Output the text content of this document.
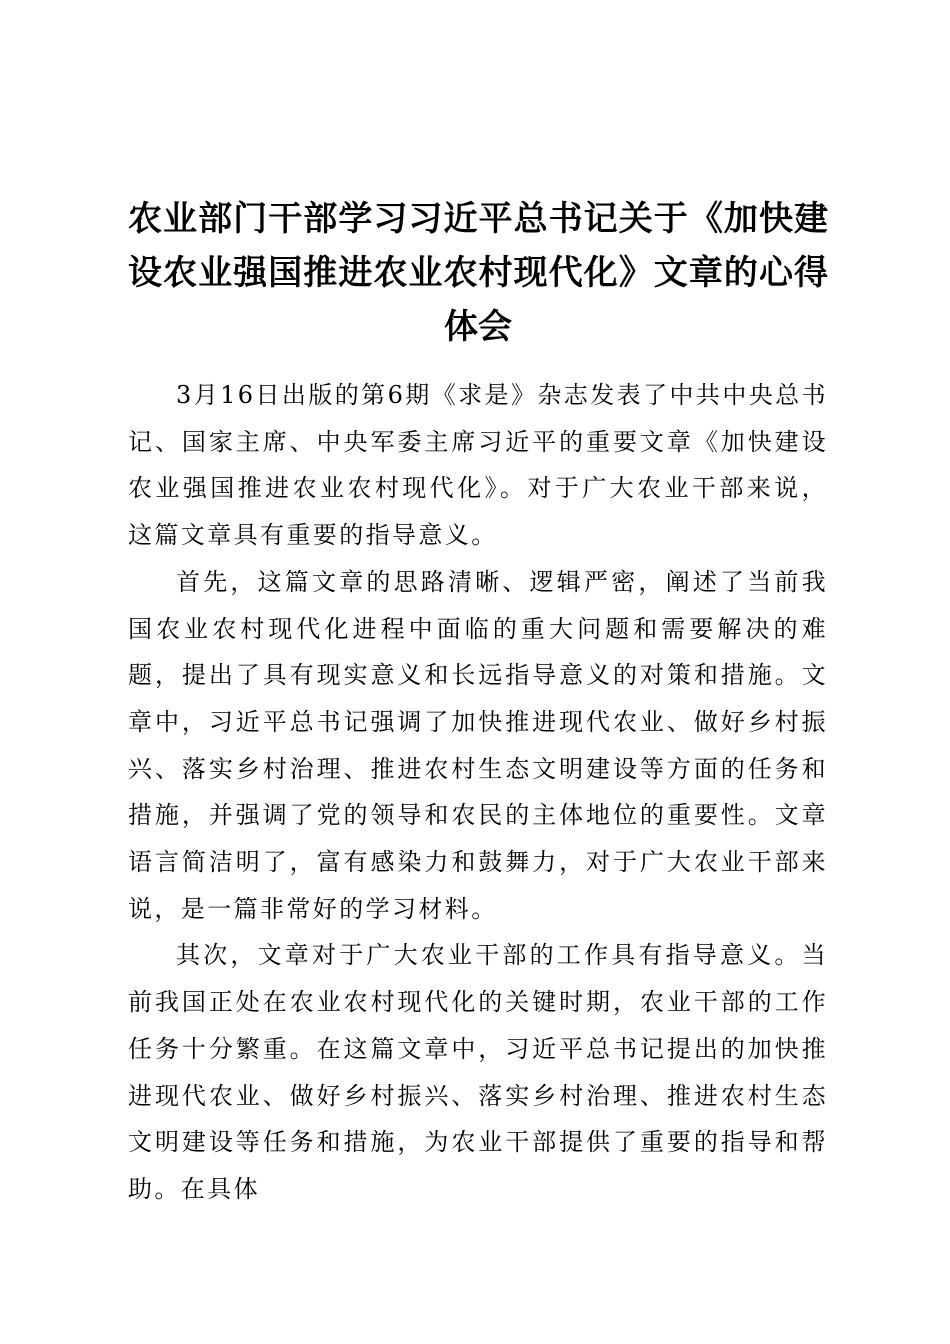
农业部门干部学习习近平总书记关于《加快建设农业强国推进农业农村现代化》文章的心得体会

3月16日出版的第6期《求是》杂志发表了中共中央总书记、国家主席、中央军委主席习近平的重要文章《加快建设农业强国推进农业农村现代化》。对于广大农业干部来说，这篇文章具有重要的指导意义。

首先，这篇文章的思路清晰、逻辑严密，阐述了当前我国农业农村现代化进程中面临的重大问题和需要解决的难题，提出了具有现实意义和长远指导意义的对策和措施。文章中，习近平总书记强调了加快推进现代农业、做好乡村振兴、落实乡村治理、推进农村生态文明建设等方面的任务和措施，并强调了党的领导和农民的主体地位的重要性。文章语言简洁明了，富有感染力和鼓舞力，对于广大农业干部来说，是一篇非常好的学习材料。

其次，文章对于广大农业干部的工作具有指导意义。当前我国正处在农业农村现代化的关键时期，农业干部的工作任务十分繁重。在这篇文章中，习近平总书记提出的加快推进现代农业、做好乡村振兴、落实乡村治理、推进农村生态文明建设等任务和措施，为农业干部提供了重要的指导和帮助。在具体
